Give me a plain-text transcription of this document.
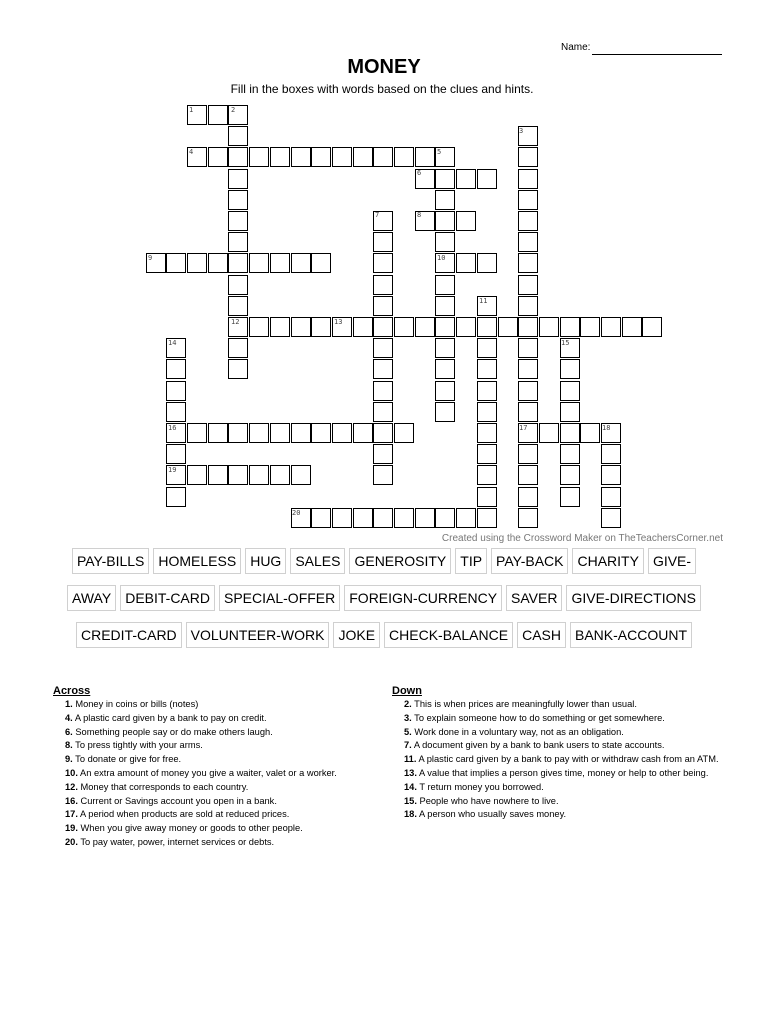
Name:
MONEY
Fill in the boxes with words based on the clues and hints.
1	2
3
4	5
6
7	8
9	10
11
12	13
14	15
16	17	18
19
20
Created using the Crossword Maker on TheTeachersCorner.net
PAY-BILLS	HOMELESS	HUG	SALES	GENEROSITY	TIP	PAY-BACK	CHARITY	GIVE-
AWAY	DEBIT-CARD	SPECIAL-OFFER	FOREIGN-CURRENCY	SAVER	GIVE-DIRECTIONS
CREDIT-CARD	VOLUNTEER-WORK	JOKE	CHECK-BALANCE	CASH	BANK-ACCOUNT
Across
1. Money in coins or bills (notes)
4. A plastic card given by a bank to pay on credit.
6. Something people say or do make others laugh.
8. To press tightly with your arms.
9. To donate or give for free.
10. An extra amount of money you give a waiter, valet or a worker.
12. Money that corresponds to each country.
16. Current or Savings account you open in a bank.
17. A period when products are sold at reduced prices.
19. When you give away money or goods to other people.
20. To pay water, power, internet services or debts.
Down
2. This is when prices are meaningfully lower than usual.
3. To explain someone how to do something or get somewhere.
5. Work done in a voluntary way, not as an obligation.
7. A document given by a bank to bank users to state accounts.
11. A plastic card given by a bank to pay with or withdraw cash from an ATM.
13. A value that implies a person gives time, money or help to other being.
14. T return money you borrowed.
15. People who have nowhere to live.
18. A person who usually saves money.
